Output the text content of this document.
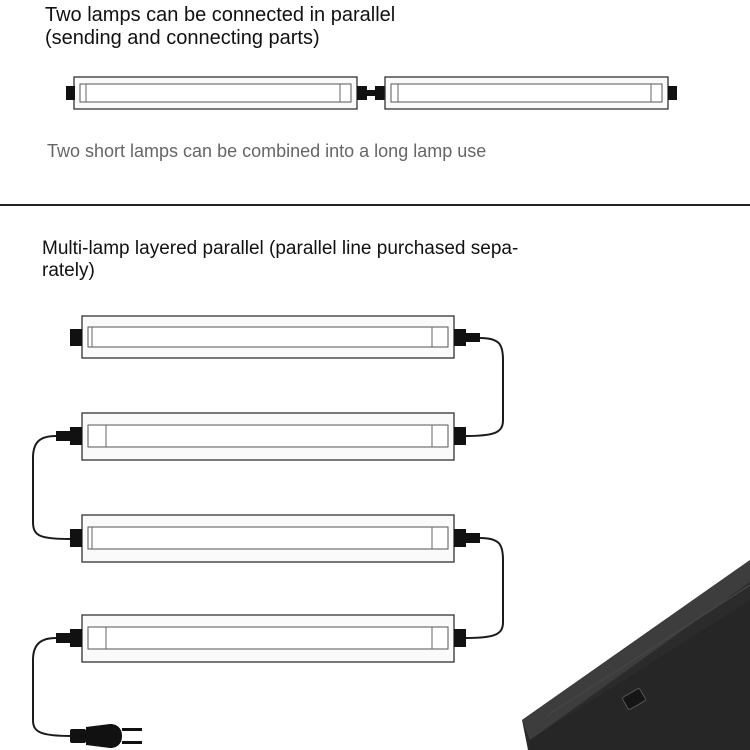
Two lamps can be connected in parallel
(sending and connecting parts)

Two short lamps can be combined into a long lamp use

Multi-lamp layered parallel (parallel line purchased sepa-
rately)
